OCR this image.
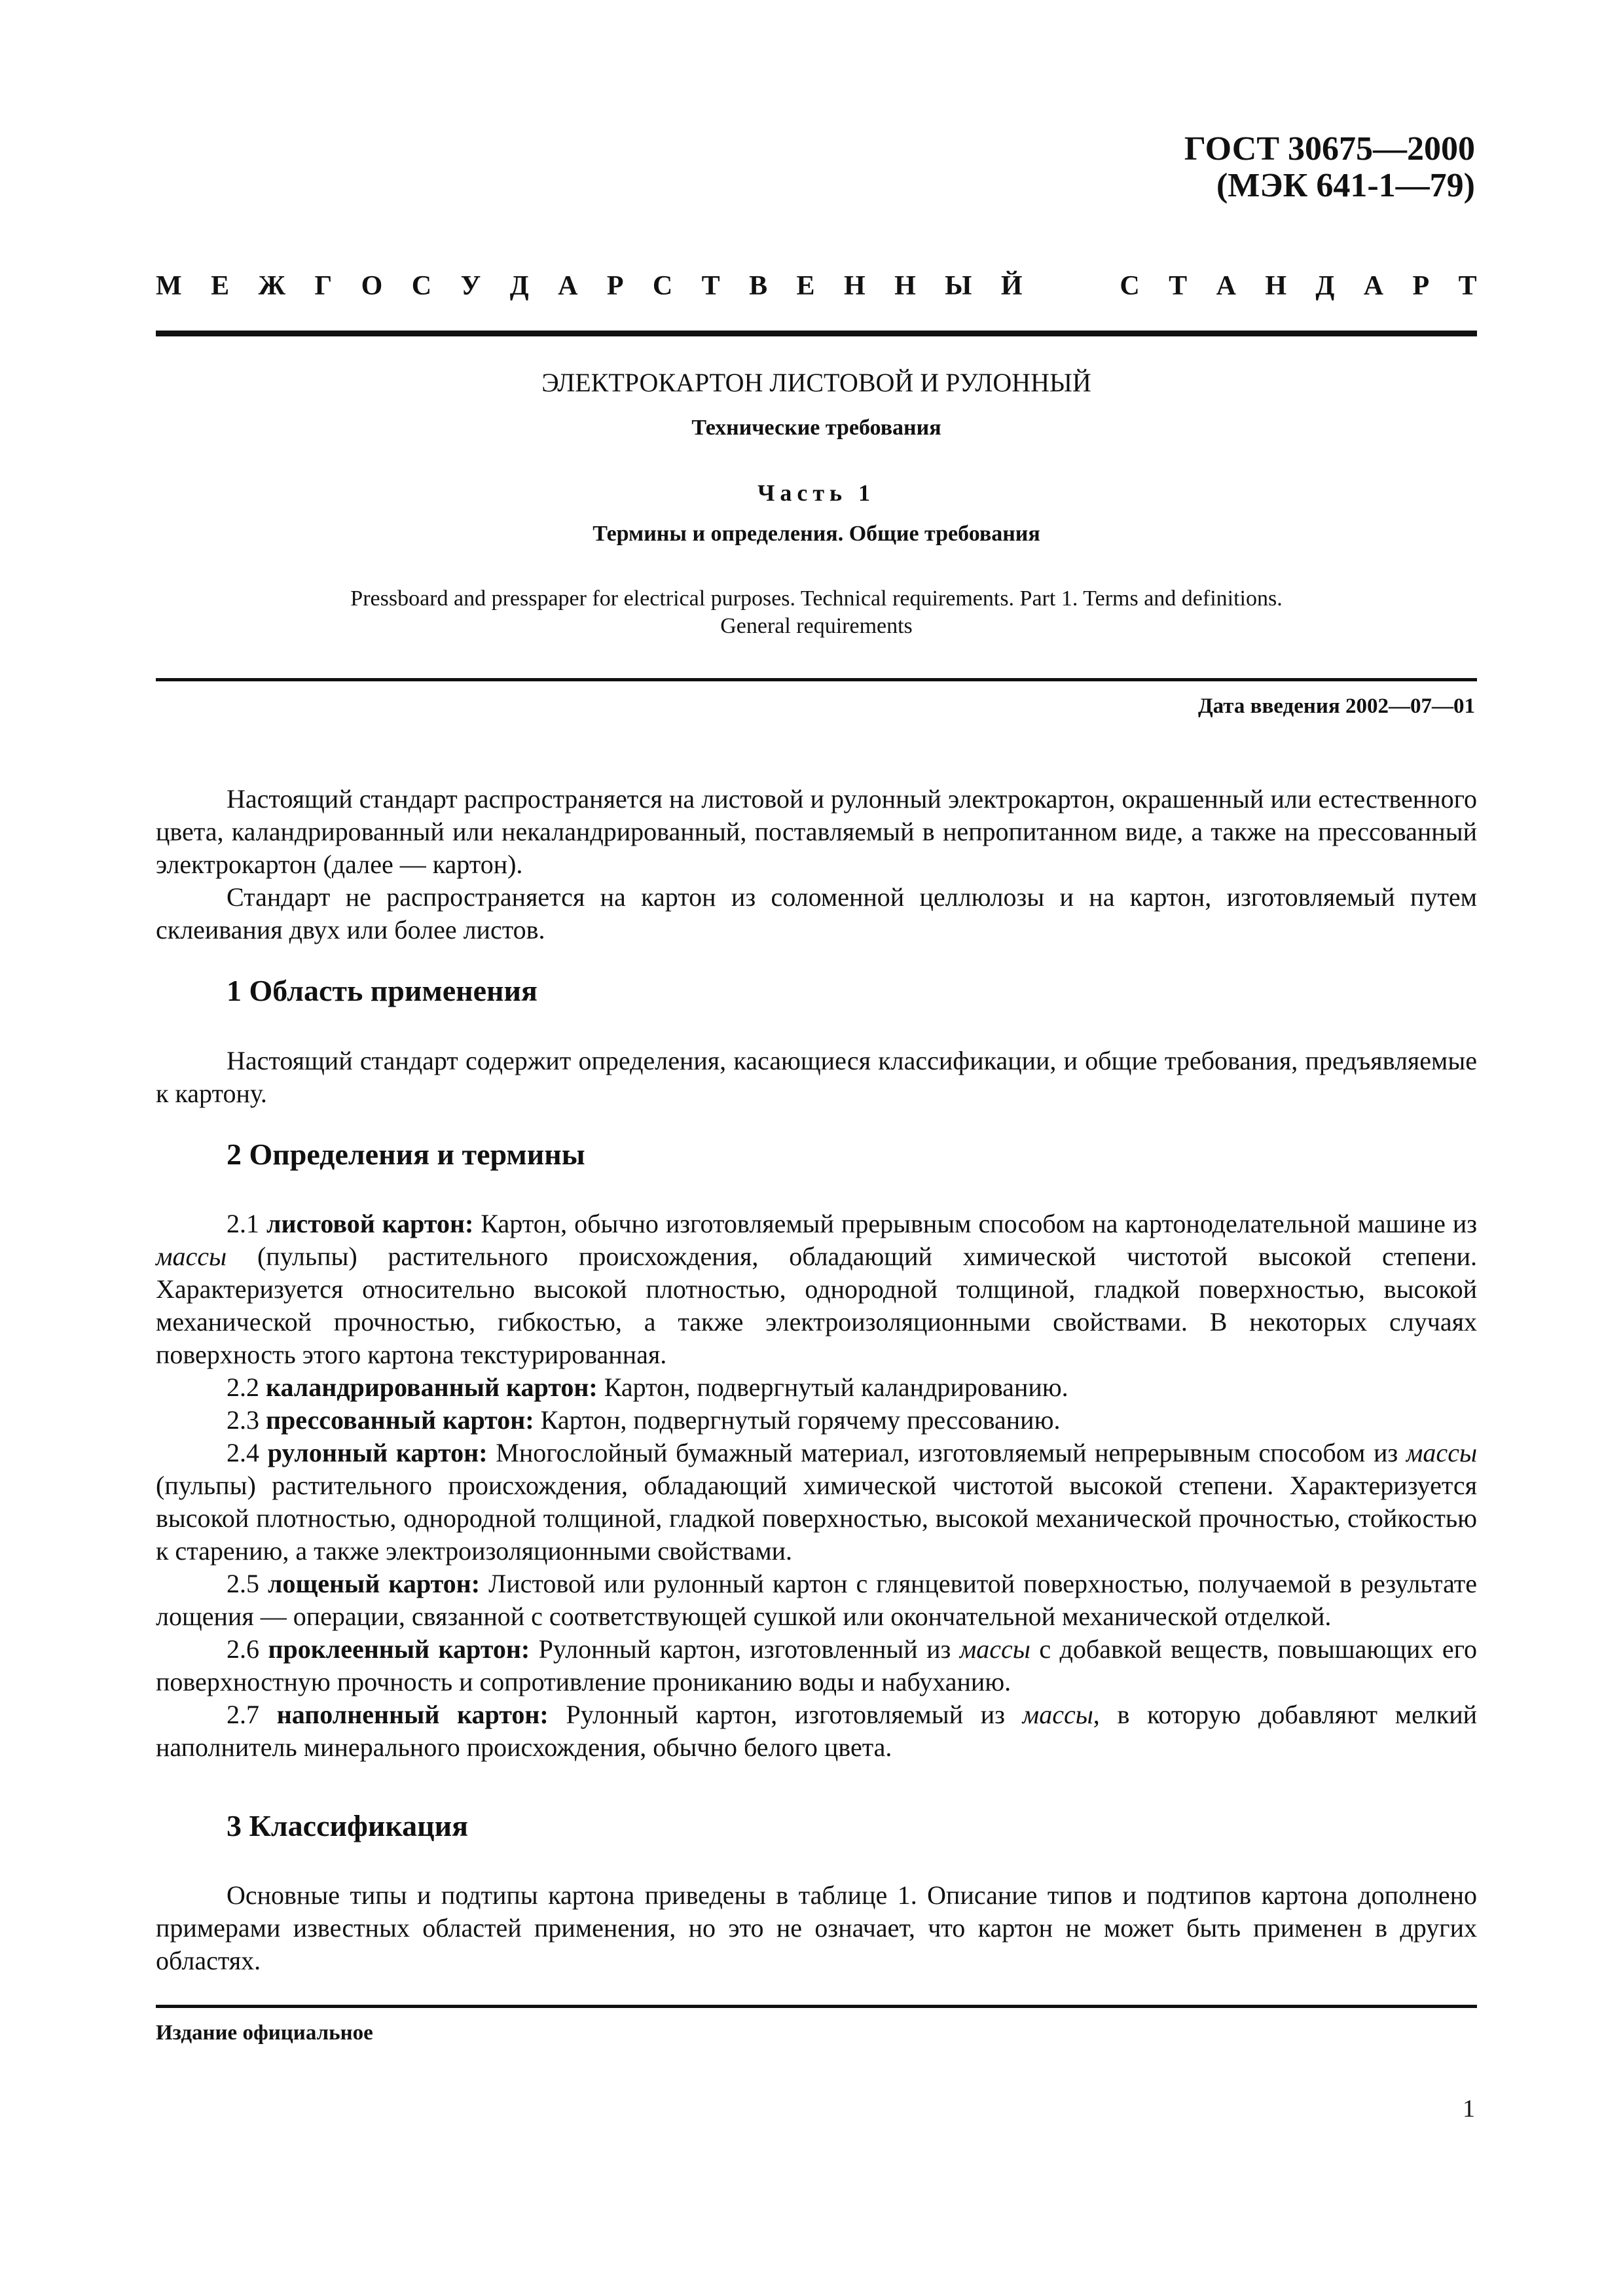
ГОСТ 30675—2000
(МЭК 641-1—79)
М Е Ж Г О С У Д А Р С Т В Е Н Н Ы Й	С Т А Н Д А Р Т
ЭЛЕКТРОКАРТОН ЛИСТОВОЙ И РУЛОННЫЙ
Технические требования
Часть 1
Термины и определения. Общие требования
Pressboard and presspaper for electrical purposes. Technical requirements. Part 1. Terms and definitions.
General requirements
Дата введения 2002—07—01
Настоящий стандарт распространяется на листовой и рулонный электрокартон, окрашенный или естественного цвета, каландрированный или некаландрированный, поставляемый в непропитанном виде, а также на прессованный электрокартон (далее — картон).
Стандарт не распространяется на картон из соломенной целлюлозы и на картон, изготовляемый путем склеивания двух или более листов.
1 Область применения
Настоящий стандарт содержит определения, касающиеся классификации, и общие требования, предъявляемые к картону.
2 Определения и термины
2.1 листовой картон: Картон, обычно изготовляемый прерывным способом на картоноделательной машине из массы (пульпы) растительного происхождения, обладающий химической чистотой высокой степени. Характеризуется относительно высокой плотностью, однородной толщиной, гладкой поверхностью, высокой механической прочностью, гибкостью, а также электроизоляционными свойствами. В некоторых случаях поверхность этого картона текстурированная.
2.2 каландрированный картон: Картон, подвергнутый каландрированию.
2.3 прессованный картон: Картон, подвергнутый горячему прессованию.
2.4 рулонный картон: Многослойный бумажный материал, изготовляемый непрерывным способом из массы (пульпы) растительного происхождения, обладающий химической чистотой высокой степени. Характеризуется высокой плотностью, однородной толщиной, гладкой поверхностью, высокой механической прочностью, стойкостью к старению, а также электроизоляционными свойствами.
2.5 лощеный картон: Листовой или рулонный картон с глянцевитой поверхностью, получаемой в результате лощения — операции, связанной с соответствующей сушкой или окончательной механической отделкой.
2.6 проклеенный картон: Рулонный картон, изготовленный из массы с добавкой веществ, повышающих его поверхностную прочность и сопротивление прониканию воды и набуханию.
2.7 наполненный картон: Рулонный картон, изготовляемый из массы, в которую добавляют мелкий наполнитель минерального происхождения, обычно белого цвета.
3 Классификация
Основные типы и подтипы картона приведены в таблице 1. Описание типов и подтипов картона дополнено примерами известных областей применения, но это не означает, что картон не может быть применен в других областях.
Издание официальное
1
